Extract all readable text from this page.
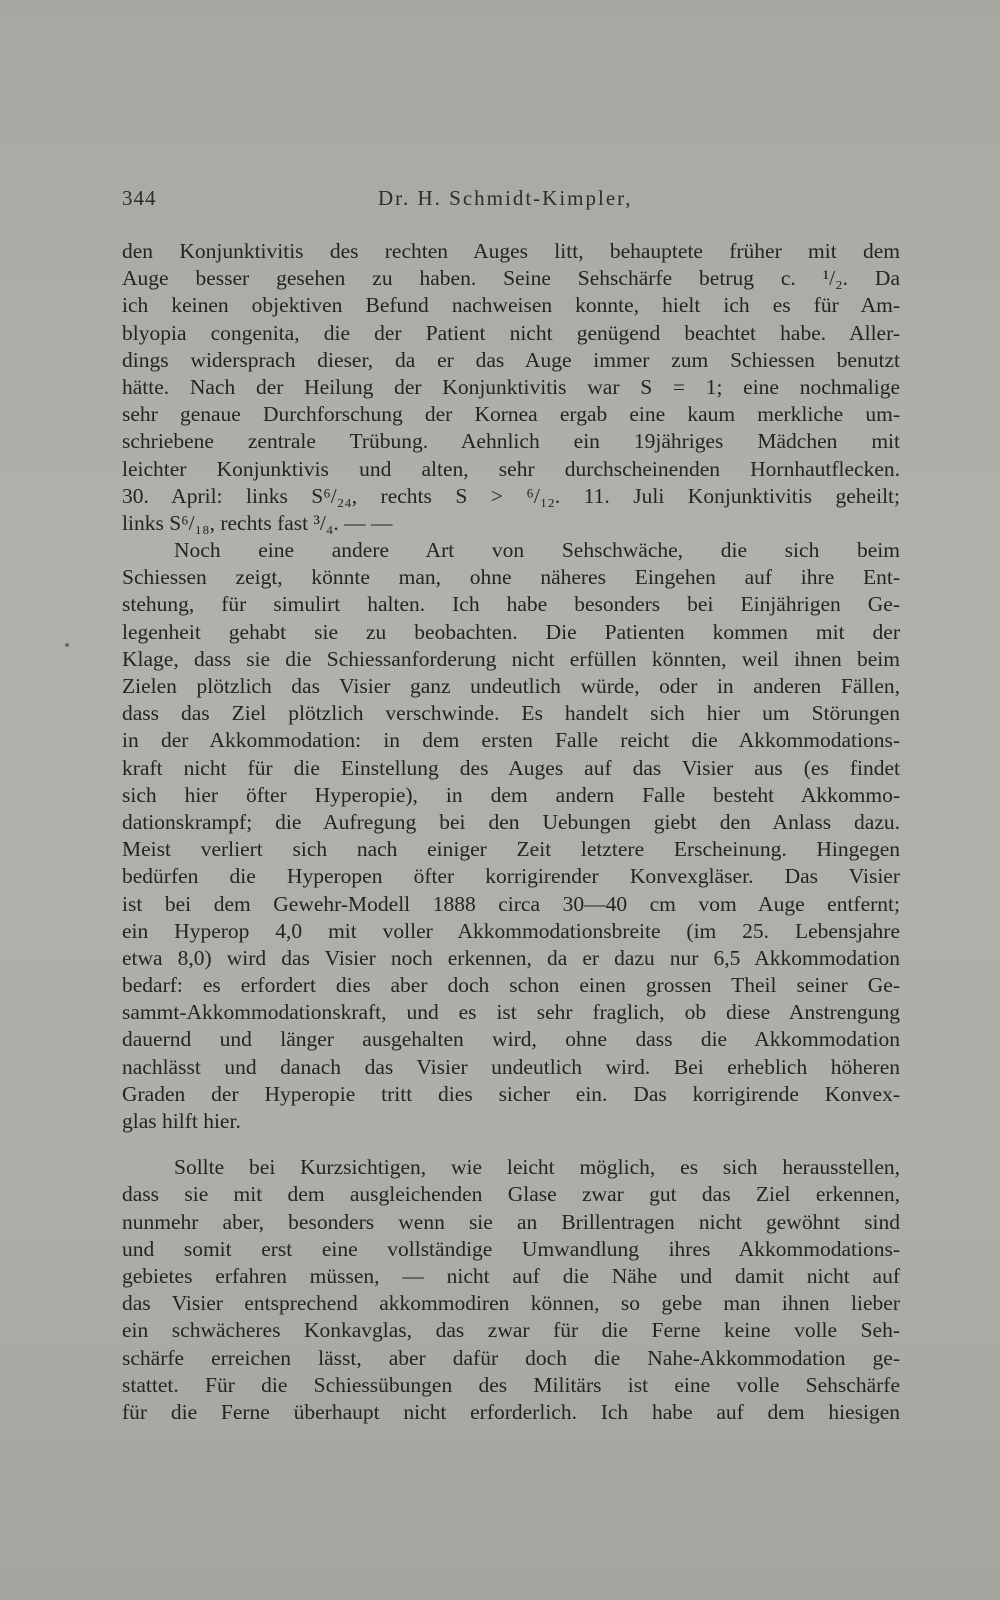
344	Dr. H. Schmidt-Kimpler,
den Konjunktivitis des rechten Auges litt, behauptete früher mit dem
Auge besser gesehen zu haben. Seine Sehschärfe betrug c. ¹/₂. Da
ich keinen objektiven Befund nachweisen konnte, hielt ich es für Am-
blyopia congenita, die der Patient nicht genügend beachtet habe. Aller-
dings widersprach dieser, da er das Auge immer zum Schiessen benutzt
hätte. Nach der Heilung der Konjunktivitis war S = 1; eine nochmalige
sehr genaue Durchforschung der Kornea ergab eine kaum merkliche um-
schriebene zentrale Trübung. Aehnlich ein 19jähriges Mädchen mit
leichter Konjunktivis und alten, sehr durchscheinenden Hornhautflecken.
30. April: links S⁶/₂₄, rechts S > ⁶/₁₂. 11. Juli Konjunktivitis geheilt;
links S⁶/₁₈, rechts fast ³/₄. — —
Noch eine andere Art von Sehschwäche, die sich beim
Schiessen zeigt, könnte man, ohne näheres Eingehen auf ihre Ent-
stehung, für simulirt halten. Ich habe besonders bei Einjährigen Ge-
legenheit gehabt sie zu beobachten. Die Patienten kommen mit der
Klage, dass sie die Schiessanforderung nicht erfüllen könnten, weil ihnen beim
Zielen plötzlich das Visier ganz undeutlich würde, oder in anderen Fällen,
dass das Ziel plötzlich verschwinde. Es handelt sich hier um Störungen
in der Akkommodation: in dem ersten Falle reicht die Akkommodations-
kraft nicht für die Einstellung des Auges auf das Visier aus (es findet
sich hier öfter Hyperopie), in dem andern Falle besteht Akkommo-
dationskrampf; die Aufregung bei den Uebungen giebt den Anlass dazu.
Meist verliert sich nach einiger Zeit letztere Erscheinung. Hingegen
bedürfen die Hyperopen öfter korrigirender Konvexgläser. Das Visier
ist bei dem Gewehr-Modell 1888 circa 30—40 cm vom Auge entfernt;
ein Hyperop 4,0 mit voller Akkommodationsbreite (im 25. Lebensjahre
etwa 8,0) wird das Visier noch erkennen, da er dazu nur 6,5 Akkommodation
bedarf: es erfordert dies aber doch schon einen grossen Theil seiner Ge-
sammt-Akkommodationskraft, und es ist sehr fraglich, ob diese Anstrengung
dauernd und länger ausgehalten wird, ohne dass die Akkommodation
nachlässt und danach das Visier undeutlich wird. Bei erheblich höheren
Graden der Hyperopie tritt dies sicher ein. Das korrigirende Konvex-
glas hilft hier.
Sollte bei Kurzsichtigen, wie leicht möglich, es sich herausstellen,
dass sie mit dem ausgleichenden Glase zwar gut das Ziel erkennen,
nunmehr aber, besonders wenn sie an Brillentragen nicht gewöhnt sind
und somit erst eine vollständige Umwandlung ihres Akkommodations-
gebietes erfahren müssen, — nicht auf die Nähe und damit nicht auf
das Visier entsprechend akkommodiren können, so gebe man ihnen lieber
ein schwächeres Konkavglas, das zwar für die Ferne keine volle Seh-
schärfe erreichen lässt, aber dafür doch die Nahe-Akkommodation ge-
stattet. Für die Schiessübungen des Militärs ist eine volle Sehschärfe
für die Ferne überhaupt nicht erforderlich. Ich habe auf dem hiesigen
